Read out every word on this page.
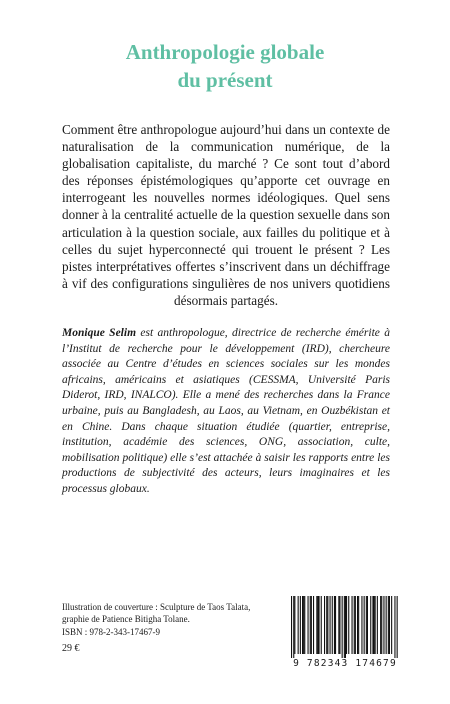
Anthropologie globale
du présent

Comment être anthropologue aujourd’hui dans un contexte de naturalisation de la communication numérique, de la globalisation capitaliste, du marché ? Ce sont tout d’abord des réponses épistémologiques qu’apporte cet ouvrage en interrogeant les nouvelles normes idéologiques. Quel sens donner à la centralité actuelle de la question sexuelle dans son articulation à la question sociale, aux failles du politique et à celles du sujet hyperconnecté qui trouent le présent ? Les pistes interprétatives offertes s’inscrivent dans un déchiffrage à vif des configurations singulières de nos univers quotidiens désormais partagés.

Monique Selim est anthropologue, directrice de recherche émérite à l’Institut de recherche pour le développement (IRD), chercheure associée au Centre d’études en sciences sociales sur les mondes africains, américains et asiatiques (CESSMA, Université Paris Diderot, IRD, INALCO). Elle a mené des recherches dans la France urbaine, puis au Bangladesh, au Laos, au Vietnam, en Ouzbékistan et en Chine. Dans chaque situation étudiée (quartier, entreprise, institution, académie des sciences, ONG, association, culte, mobilisation politique) elle s’est attachée à saisir les rapports entre les productions de subjectivité des acteurs, leurs imaginaires et les processus globaux.

Illustration de couverture : Sculpture de Taos Talata, graphie de Patience Bitigha Tolane.

ISBN : 978-2-343-17467-9
29 €
9 782343 174679
